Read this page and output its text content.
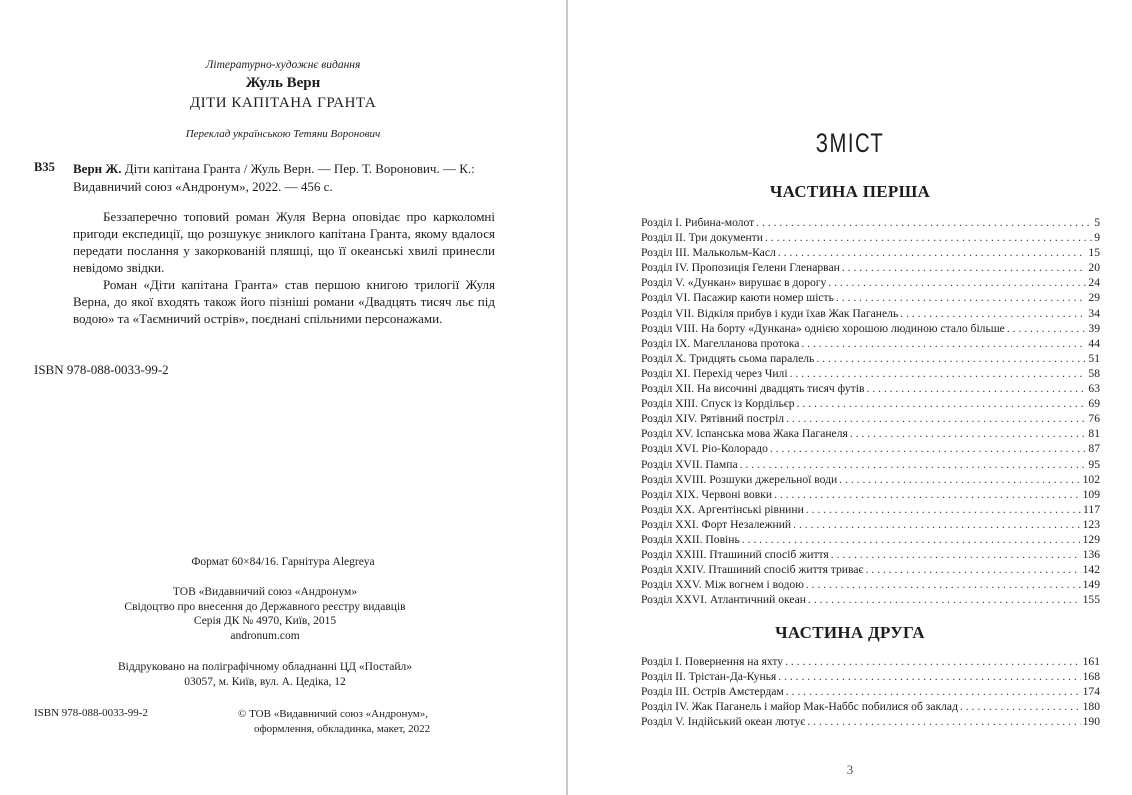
Літературно-художнє видання
Жуль Верн
ДІТИ КАПІТАНА ГРАНТА
Переклад українською Тетяни Воронович
В35 Верн Ж. Діти капітана Гранта / Жуль Верн. — Пер. Т. Воронович. — К.: Видавничий союз «Андронум», 2022. — 456 с.

Беззаперечно топовий роман Жуля Верна оповідає про карколомні пригоди експедиції, що розшукує зниклого капітана Гранта, якому вдалося передати послання у закоркованій пляшці, що її океанські хвилі принесли невідомо звідки.

Роман «Діти капітана Гранта» став першою книгою трилогії Жуля Верна, до якої входять також його пізніші романи «Двадцять тисяч льє під водою» та «Таємничий острів», поєднані спільними персонажами.

ISBN 978-088-0033-99-2
Формат 60×84/16. Гарнітура Alegreya
ТОВ «Видавничий союз «Андронум»
Свідоцтво про внесення до Державного реєстру видавців
Серія ДК № 4970, Київ, 2015
andronum.com
Віддруковано на поліграфічному обладнанні ЦД «Постайл»
03057, м. Київ, вул. А. Цедіка, 12
ISBN 978-088-0033-99-2	© ТОВ «Видавничий союз «Андронум»,
оформлення, обкладинка, макет, 2022
ЗМІСТ
ЧАСТИНА ПЕРША
Розділ I. Рибина-молот . . .	5
Розділ II. Три документи . . .	9
Розділ III. Малькольм-Касл . . .	15
Розділ IV. Пропозиція Гелени Гленарван . . .	20
Розділ V. «Дункан» вирушає в дорогу . . .	24
Розділ VI. Пасажир каюти номер шість . . .	29
Розділ VII. Відкіля прибув і куди їхав Жак Паганель . . .	34
Розділ VIII. На борту «Дункана» однією хорошою людиною стало більше . . .	39
Розділ IX. Магелланова протока . . .	44
Розділ X. Тридцять сьома паралель . . .	51
Розділ XI. Перехід через Чилі . . .	58
Розділ XII. На височині двадцять тисяч футів . . .	63
Розділ XIII. Спуск із Кордільєр . . .	69
Розділ XIV. Рятівний постріл . . .	76
Розділ XV. Іспанська мова Жака Паганеля . . .	81
Розділ XVI. Ріо-Колорадо . . .	87
Розділ XVII. Пампа . . .	95
Розділ XVIII. Розшуки джерельної води . . .	102
Розділ XIX. Червоні вовки . . .	109
Розділ XX. Аргентінські рівнини . . .	117
Розділ XXI. Форт Незалежний . . .	123
Розділ XXII. Повінь . . .	129
Розділ XXIII. Пташиний спосіб життя . . .	136
Розділ XXIV. Пташиний спосіб життя триває . . .	142
Розділ XXV. Між вогнем і водою . . .	149
Розділ XXVI. Атлантичний океан . . .	155
ЧАСТИНА ДРУГА
Розділ I. Повернення на яхту . . .	161
Розділ II. Трістан-Да-Кунья . . .	168
Розділ III. Острів Амстердам . . .	174
Розділ IV. Жак Паганель і майор Мак-Наббс побилися об заклад . . .	180
Розділ V. Індійський океан лютує . . .	190
3
